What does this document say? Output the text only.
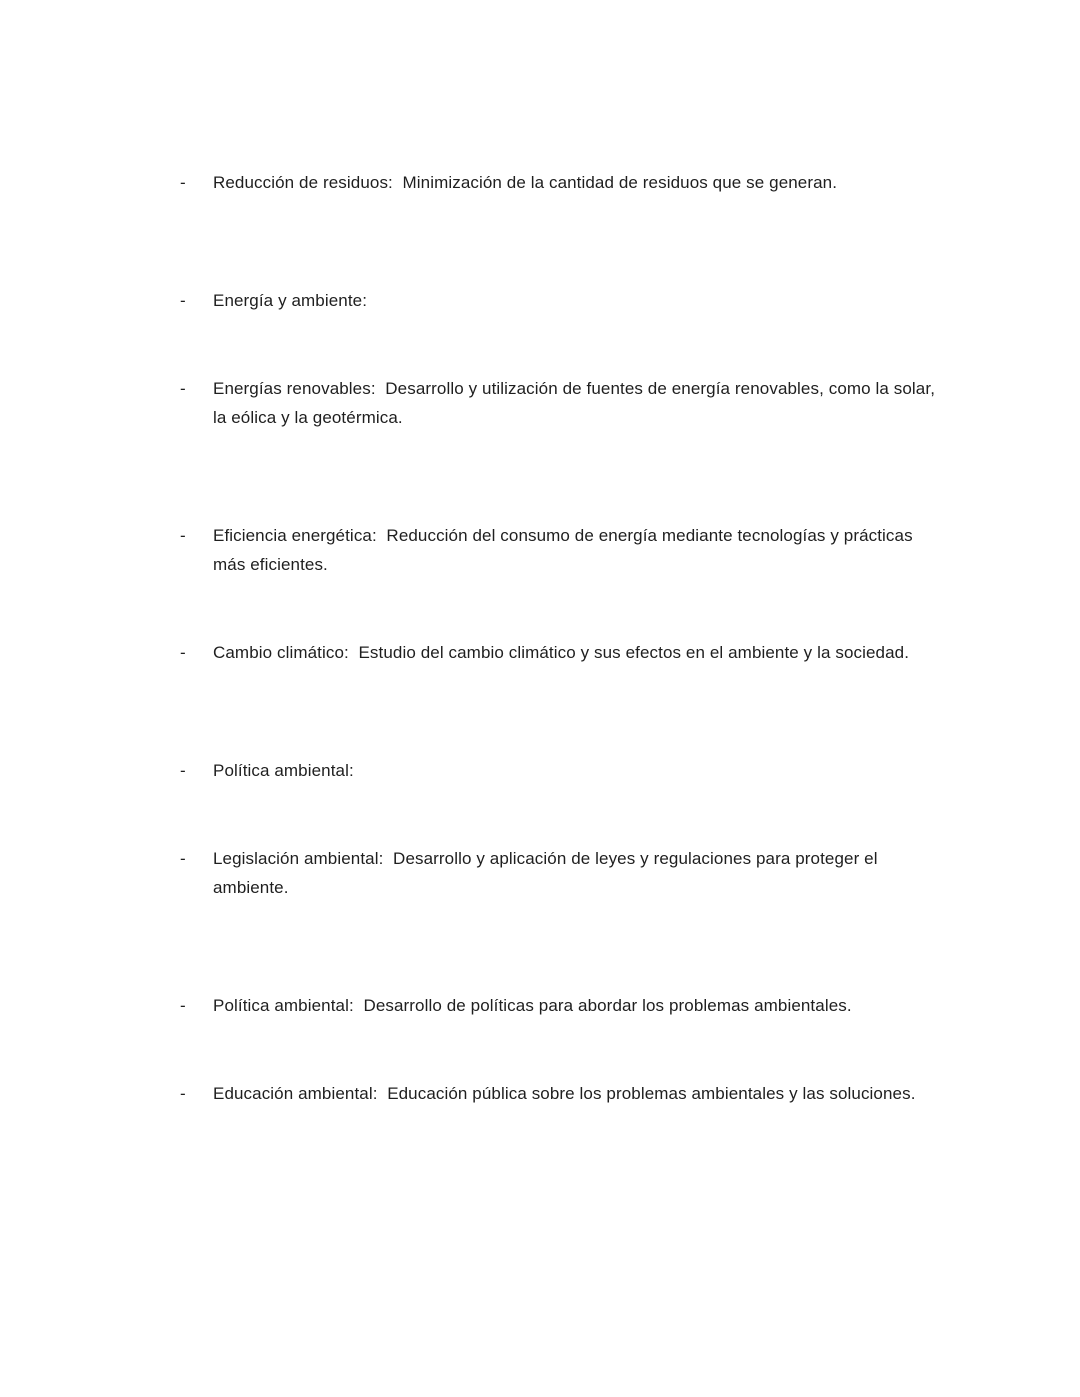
-	Reducción de residuos:  Minimización de la cantidad de residuos que se generan.
-	Energía y ambiente:
-	Energías renovables:  Desarrollo y utilización de fuentes de energía renovables, como la solar, la eólica y la geotérmica.
-	Eficiencia energética:  Reducción del consumo de energía mediante tecnologías y prácticas más eficientes.
-	Cambio climático:  Estudio del cambio climático y sus efectos en el ambiente y la sociedad.
-	Política ambiental:
-	Legislación ambiental:  Desarrollo y aplicación de leyes y regulaciones para proteger el ambiente.
-	Política ambiental:  Desarrollo de políticas para abordar los problemas ambientales.
-	Educación ambiental:  Educación pública sobre los problemas ambientales y las soluciones.
